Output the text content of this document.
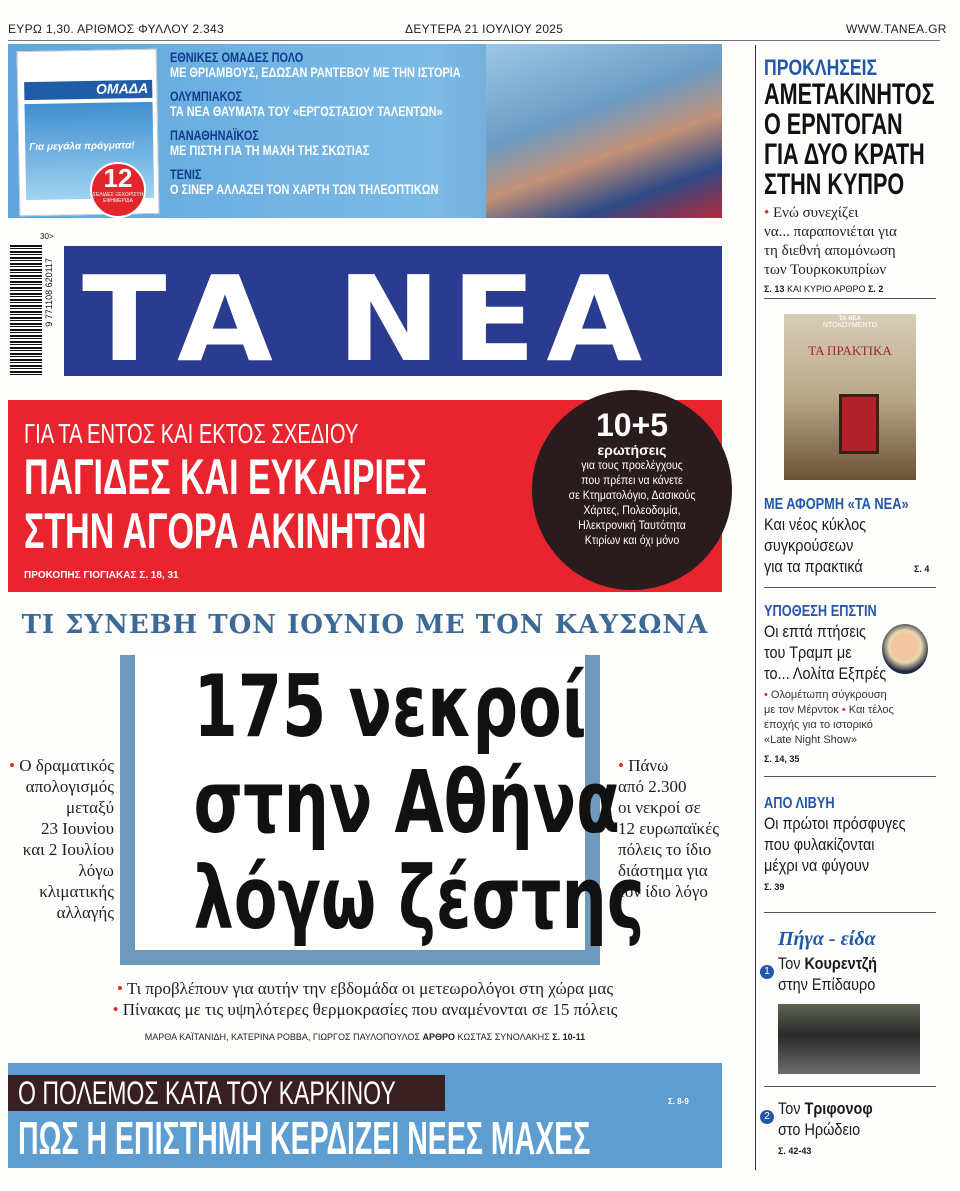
ΕΥΡΩ 1,30. ΑΡΙΘΜΟΣ ΦΥΛΛΟΥ 2.343	ΔΕΥΤΕΡΑ 21 ΙΟΥΛΙΟΥ 2025	WWW.TANEA.GR
ΟΜΑΔΑ
Για μεγάλα πράγματα!
12
ΣΕΛΙΔΕΣ ΞΕΧΩΡΙΣΤΗ ΕΦΗΜΕΡΙΔΑ
ΕΘΝΙΚΕΣ ΟΜΑΔΕΣ ΠΟΛΟ
ΜΕ ΘΡΙΑΜΒΟΥΣ, ΕΔΩΣΑΝ ΡΑΝΤΕΒΟΥ ΜΕ ΤΗΝ ΙΣΤΟΡΙΑ
ΟΛΥΜΠΙΑΚΟΣ
ΤΑ ΝΕΑ ΘΑΥΜΑΤΑ ΤΟΥ «ΕΡΓΟΣΤΑΣΙΟΥ ΤΑΛΕΝΤΩΝ»
ΠΑΝΑΘΗΝΑΪΚΟΣ
ΜΕ ΠΙΣΤΗ ΓΙΑ ΤΗ ΜΑΧΗ ΤΗΣ ΣΚΩΤΙΑΣ
ΤΕΝΙΣ
Ο ΣΙΝΕΡ ΑΛΛΑΖΕΙ ΤΟΝ ΧΑΡΤΗ ΤΩΝ ΤΗΛΕΟΠΤΙΚΩΝ
9 771108 620117
30>
ΤΑ ΝΕΑ
ΓΙΑ ΤΑ ΕΝΤΟΣ ΚΑΙ ΕΚΤΟΣ ΣΧΕΔΙΟΥ
ΠΑΓΙΔΕΣ ΚΑΙ ΕΥΚΑΙΡΙΕΣ
ΣΤΗΝ ΑΓΟΡΑ ΑΚΙΝΗΤΩΝ
ΠΡΟΚΟΠΗΣ ΓΙΟΓΙΑΚΑΣ Σ. 18, 31
10+5
ερωτήσεις
για τους προελέγχους
που πρέπει να κάνετε
σε Κτηματολόγιο, Δασικούς
Χάρτες, Πολεοδομία,
Ηλεκτρονική Ταυτότητα
Κτιρίων και όχι μόνο
ΤΙ ΣΥΝΕΒΗ ΤΟΝ ΙΟΥΝΙΟ ΜΕ ΤΟΝ ΚΑΥΣΩΝΑ
175 νεκροί
στην Αθήνα
λόγω ζέστης
• Ο δραματικός
απολογισμός
μεταξύ
23 Ιουνίου
και 2 Ιουλίου
λόγω κλιματικής
αλλαγής
• Πάνω
από 2.300
οι νεκροί σε
12 ευρωπαϊκές
πόλεις το ίδιο
διάστημα για
τον ίδιο λόγο
• Τι προβλέπουν για αυτήν την εβδομάδα οι μετεωρολόγοι στη χώρα μας
• Πίνακας με τις υψηλότερες θερμοκρασίες που αναμένονται σε 15 πόλεις
ΜΑΡΘΑ ΚΑΪΤΑΝΙΔΗ, ΚΑΤΕΡΙΝΑ ΡΟΒΒΑ, ΓΙΩΡΓΟΣ ΠΑΥΛΟΠΟΥΛΟΣ ΑΡΘΡΟ ΚΩΣΤΑΣ ΣΥΝΟΛΑΚΗΣ Σ. 10-11
Ο ΠΟΛΕΜΟΣ ΚΑΤΑ ΤΟΥ ΚΑΡΚΙΝΟΥ
ΠΩΣ Η ΕΠΙΣΤΗΜΗ ΚΕΡΔΙΖΕΙ ΝΕΕΣ ΜΑΧΕΣ
Σ. 8-9
ΠΡΟΚΛΗΣΕΙΣ
ΑΜΕΤΑΚΙΝΗΤΟΣ
Ο ΕΡΝΤΟΓΑΝ
ΓΙΑ ΔΥΟ ΚΡΑΤΗ
ΣΤΗΝ ΚΥΠΡΟ
• Ενώ συνεχίζει
να... παραπονιέται για
τη διεθνή απομόνωση
των Τουρκοκυπρίων
Σ. 13 ΚΑΙ ΚΥΡΙΟ ΑΡΘΡΟ Σ. 2
ΤΑ ΝΕΑ
ΝΤΟΚΟΥΜΕΝΤΟ
ΤΑ ΠΡΑΚΤΙΚΑ
ΜΕ ΑΦΟΡΜΗ «ΤΑ ΝΕΑ»
Και νέος κύκλος
συγκρούσεων
για τα πρακτικά	Σ. 4
ΥΠΟΘΕΣΗ ΕΠΣΤΙΝ
Οι επτά πτήσεις
του Τραμπ με
το... Λολίτα Εξπρές
• Ολομέτωπη σύγκρουση
με τον Μέρντοκ • Και τέλος
εποχής για το ιστορικό
«Late Night Show»
Σ. 14, 35
ΑΠΟ ΛΙΒΥΗ
Οι πρώτοι πρόσφυγες
που φυλακίζονται
μέχρι να φύγουν
Σ. 39
Πήγα - είδα
1 Τον Κουρεντζή
στην Επίδαυρο
2 Τον Τριφονοφ
στο Ηρώδειο
Σ. 42-43
